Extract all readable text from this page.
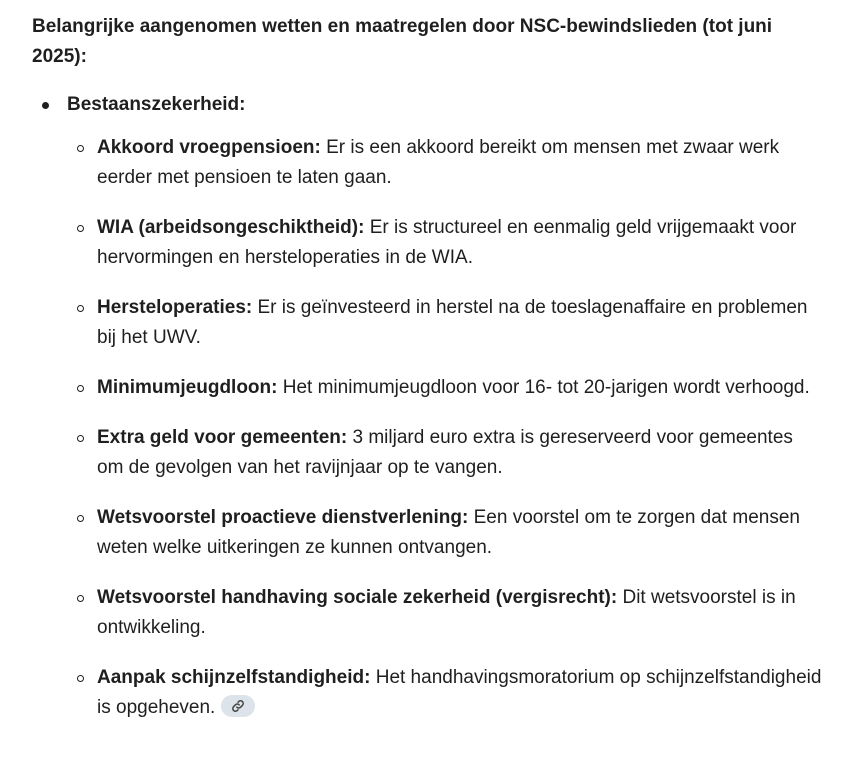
Belangrijke aangenomen wetten en maatregelen door NSC-bewindslieden (tot juni 2025):

Bestaanszekerheid:
Akkoord vroegpensioen: Er is een akkoord bereikt om mensen met zwaar werk eerder met pensioen te laten gaan.
WIA (arbeidsongeschiktheid): Er is structureel en eenmalig geld vrijgemaakt voor hervormingen en hersteloperaties in de WIA.
Hersteloperaties: Er is geïnvesteerd in herstel na de toeslagenaffaire en problemen bij het UWV.
Minimumjeugdloon: Het minimumjeugdloon voor 16- tot 20-jarigen wordt verhoogd.
Extra geld voor gemeenten: 3 miljard euro extra is gereserveerd voor gemeentes om de gevolgen van het ravijnjaar op te vangen.
Wetsvoorstel proactieve dienstverlening: Een voorstel om te zorgen dat mensen weten welke uitkeringen ze kunnen ontvangen.
Wetsvoorstel handhaving sociale zekerheid (vergisrecht): Dit wetsvoorstel is in ontwikkeling.
Aanpak schijnzelfstandigheid: Het handhavingsmoratorium op schijnzelfstandigheid is opgeheven.
